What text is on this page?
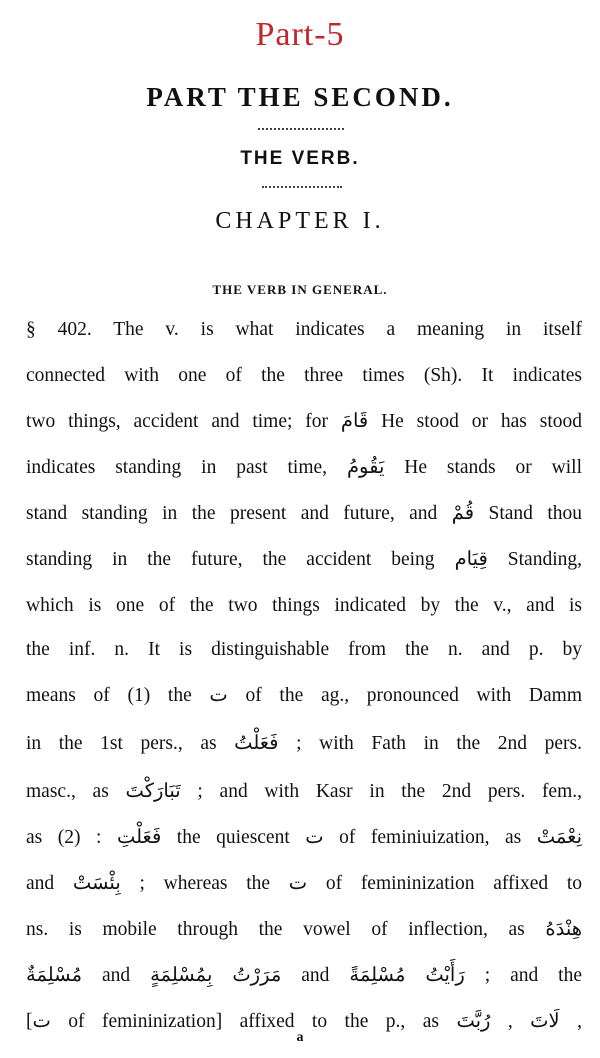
Part-5
PART THE SECOND.
THE VERB.
CHAPTER I.
THE VERB IN GENERAL.
§ 402. The v. is what indicates a meaning in itself
connected with one of the three times (Sh). It indicates
two things, accident and time; for قَامَ He stood or has stood
indicates standing in past time, يَقُومُ He stands or will
stand standing in the present and future, and قُمْ Stand thou
standing in the future, the accident being قِيَام Standing,
which is one of the two things indicated by the v., and is
the inf. n. It is distinguishable from the n. and p. by
means of (1) the ت of the ag., pronounced with Damm
in the 1st pers., as فَعَلْتُ ; with Fath in the 2nd pers.
masc., as تَبَارَكْتَ ; and with Kasr in the 2nd pers. fem.,
as فَعَلْتِ : (2) the quiescent ت of feminiuization, as نِعْمَتْ
and بِئْسَتْ ; whereas the ت of femininization affixed to
ns. is mobile through the vowel of inflection, as هِنْدَهُ
مُسْلِمَةٌ and مَرَرْتُ بِمُسْلِمَةٍ and رَأَيْتُ مُسْلِمَةً ; and the
[ت of femininization] affixed to the p., as لَاتَ , رُبَّتَ ,
a
